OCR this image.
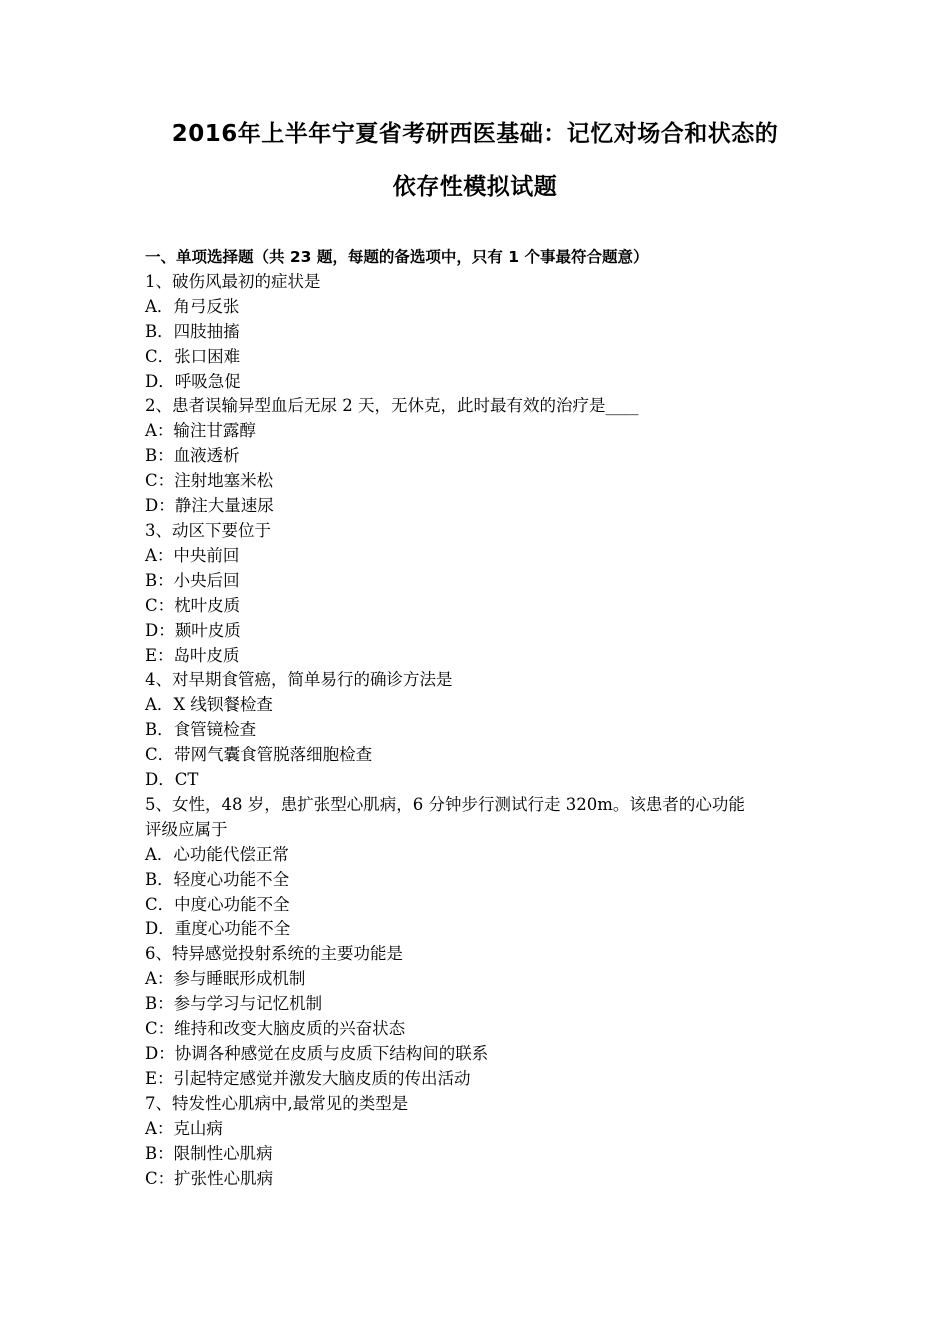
2016年上半年宁夏省考研西医基础：记忆对场合和状态的
依存性模拟试题
一、单项选择题（共 23 题，每题的备选项中，只有 1 个事最符合题意）
1、破伤风最初的症状是
A．角弓反张
B．四肢抽搐
C．张口困难
D．呼吸急促
2、患者误输异型血后无尿 2 天，无休克，此时最有效的治疗是____
A：输注甘露醇
B：血液透析
C：注射地塞米松
D：静注大量速尿
3、动区下要位于
A：中央前回
B：小央后回
C：枕叶皮质
D：颞叶皮质
E：岛叶皮质
4、对早期食管癌，简单易行的确诊方法是
A．X 线钡餐检查
B．食管镜检查
C．带网气囊食管脱落细胞检查
D．CT
5、女性，48 岁，患扩张型心肌病，6 分钟步行测试行走 320m。该患者的心功能
评级应属于
A．心功能代偿正常
B．轻度心功能不全
C．中度心功能不全
D．重度心功能不全
6、特异感觉投射系统的主要功能是
A：参与睡眠形成机制
B：参与学习与记忆机制
C：维持和改变大脑皮质的兴奋状态
D：协调各种感觉在皮质与皮质下结构间的联系
E：引起特定感觉并激发大脑皮质的传出活动
7、特发性心肌病中,最常见的类型是
A：克山病
B：限制性心肌病
C：扩张性心肌病
